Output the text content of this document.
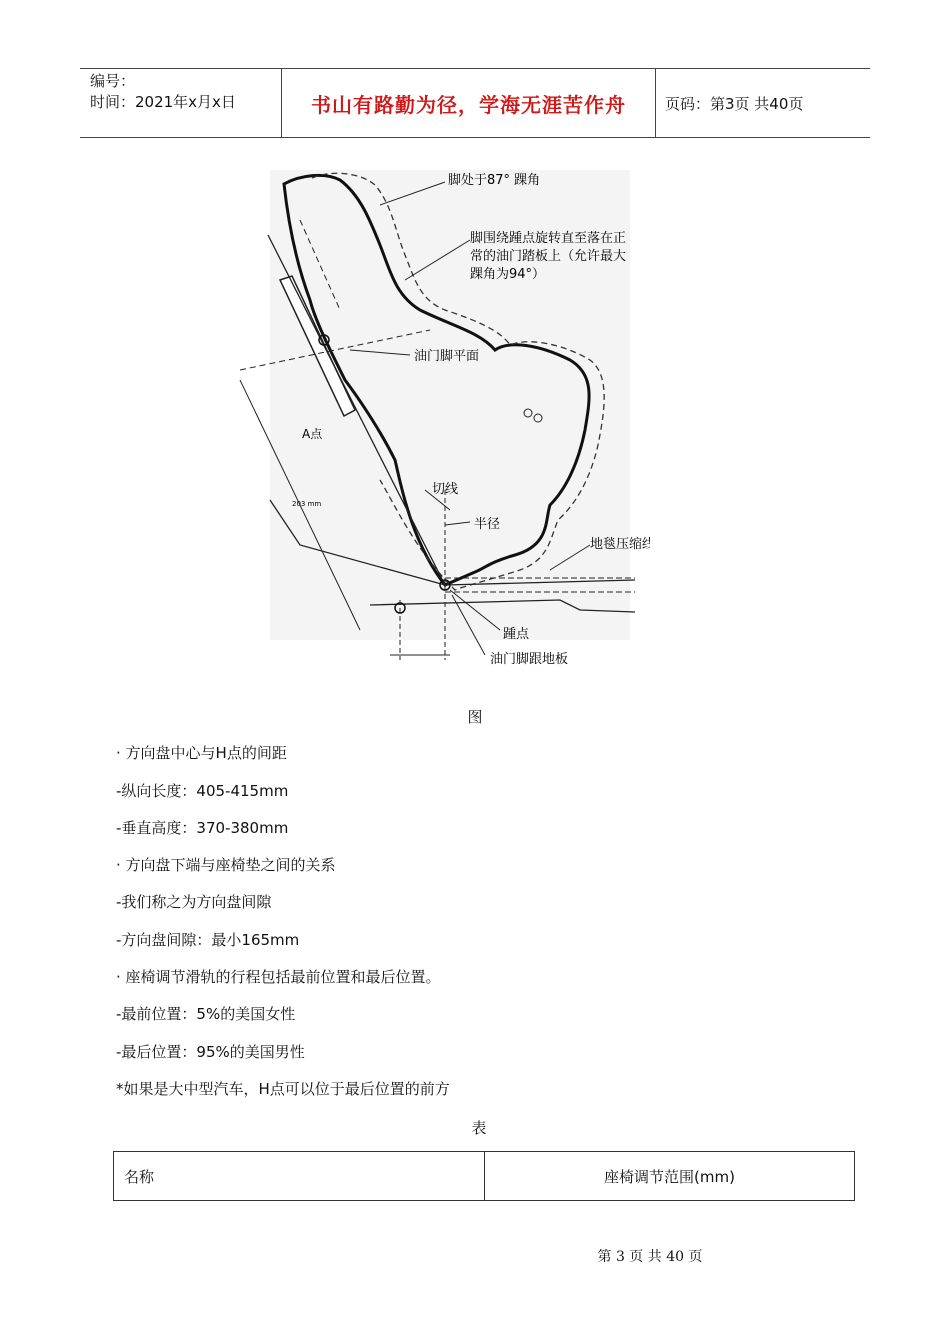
编号：
时间：2021年x月x日	书山有路勤为径，学海无涯苦作舟	页码：第3页 共40页
脚处于87° 踝角
脚围绕踵点旋转直至落在正
常的油门踏板上（允许最大
踝角为94°）
油门脚平面
A点
203 mm
切线
半径
地毯压缩线
踵点
油门脚跟地板
图
· 方向盘中心与H点的间距
-纵向长度：405-415mm
-垂直高度：370-380mm
· 方向盘下端与座椅垫之间的关系
-我们称之为方向盘间隙
-方向盘间隙：最小165mm
· 座椅调节滑轨的行程包括最前位置和最后位置。
-最前位置：5%的美国女性
-最后位置：95%的美国男性
*如果是大中型汽车，H点可以位于最后位置的前方
表
名称	座椅调节范围(mm)
第 3 页 共 40 页
